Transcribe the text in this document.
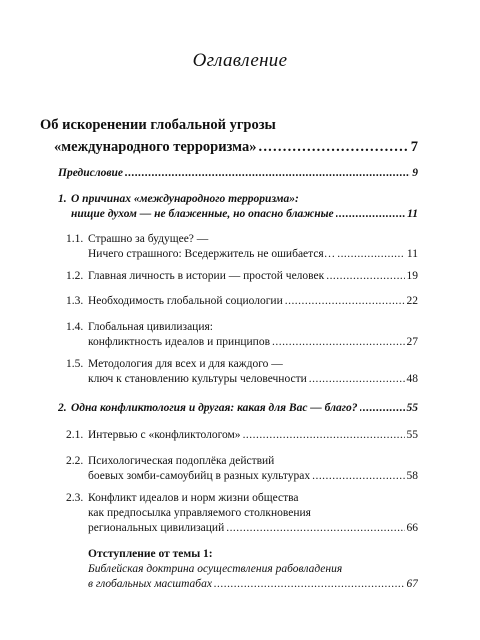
Оглавление
Об искоренении глобальной угрозы
«международного терроризма» . . .	7
Предисловие . . .	9
1. О причинах «международного терроризма»:
нищие духом — не блаженные, но опасно блажные . . .	11
1.1. Страшно за будущее? —
Ничего страшного: Вседержитель не ошибается… . . .	11
1.2. Главная личность в истории — простой человек . . .	19
1.3. Необходимость глобальной социологии . . .	22
1.4. Глобальная цивилизация:
конфликтность идеалов и принципов . . .	27
1.5. Методология для всех и для каждого —
ключ к становлению культуры человечности . . .	48
2. Одна конфликтология и другая: какая для Вас — благо? . . .	55
2.1. Интервью с «конфликтологом» . . .	55
2.2. Психологическая подоплёка действий
боевых зомби-самоубийц в разных культурах . . .	58
2.3. Конфликт идеалов и норм жизни общества
как предпосылка управляемого столкновения
региональных цивилизаций . . .	66
Отступление от темы 1:
Библейская доктрина осуществления рабовладения
в глобальных масштабах . . .	67
